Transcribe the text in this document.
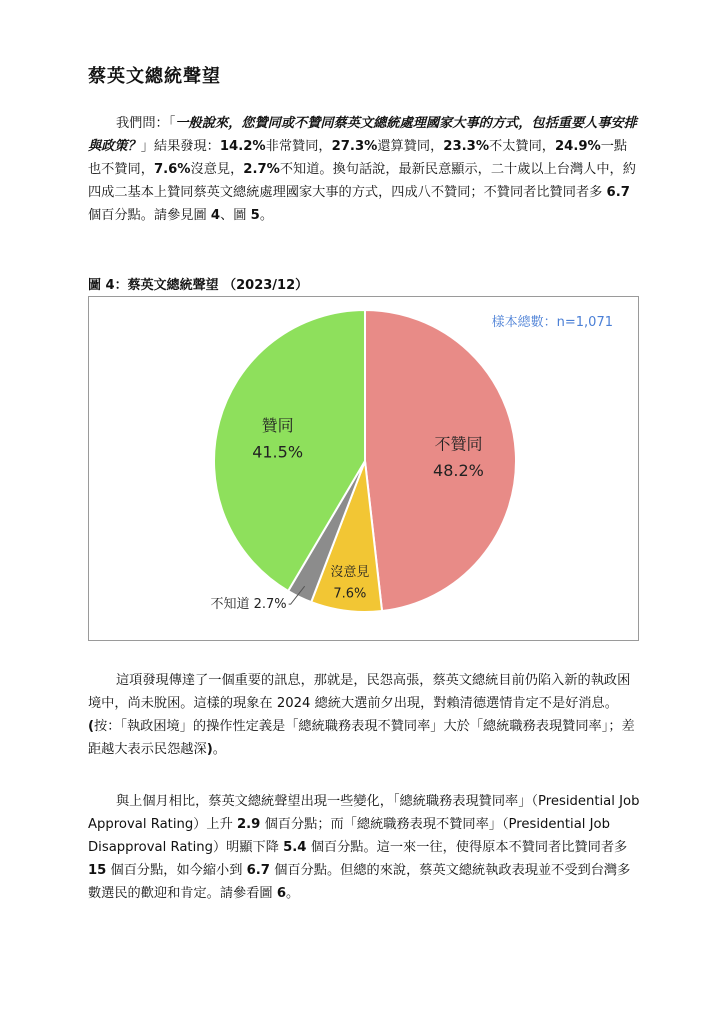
蔡英文總統聲望
我們問：「一般說來，您贊同或不贊同蔡英文總統處理國家大事的方式，包括重要人事安排與政策？」結果發現：14.2%非常贊同，27.3%還算贊同，23.3%不太贊同，24.9%一點也不贊同，7.6%沒意見，2.7%不知道。換句話說，最新民意顯示，二十歲以上台灣人中，約四成二基本上贊同蔡英文總統處理國家大事的方式，四成八不贊同；不贊同者比贊同者多 6.7 個百分點。請參見圖 4、圖 5。
圖 4：蔡英文總統聲望 （2023/12）
不贊同
48.2%
沒意見
7.6%
贊同
41.5%
不知道 2.7%
樣本總數：n=1,071
這項發現傳達了一個重要的訊息，那就是，民怨高張，蔡英文總統目前仍陷入新的執政困境中，尚未脫困。這樣的現象在 2024 總統大選前夕出現，對賴清德選情肯定不是好消息。(按：「執政困境」的操作性定義是「總統職務表現不贊同率」大於「總統職務表現贊同率」；差距越大表示民怨越深)。
與上個月相比，蔡英文總統聲望出現一些變化，「總統職務表現贊同率」（Presidential Job Approval Rating）上升 2.9 個百分點；而「總統職務表現不贊同率」（Presidential Job Disapproval Rating）明顯下降 5.4 個百分點。這一來一往，使得原本不贊同者比贊同者多 15 個百分點，如今縮小到 6.7 個百分點。但總的來說，蔡英文總統執政表現並不受到台灣多數選民的歡迎和肯定。請參看圖 6。
